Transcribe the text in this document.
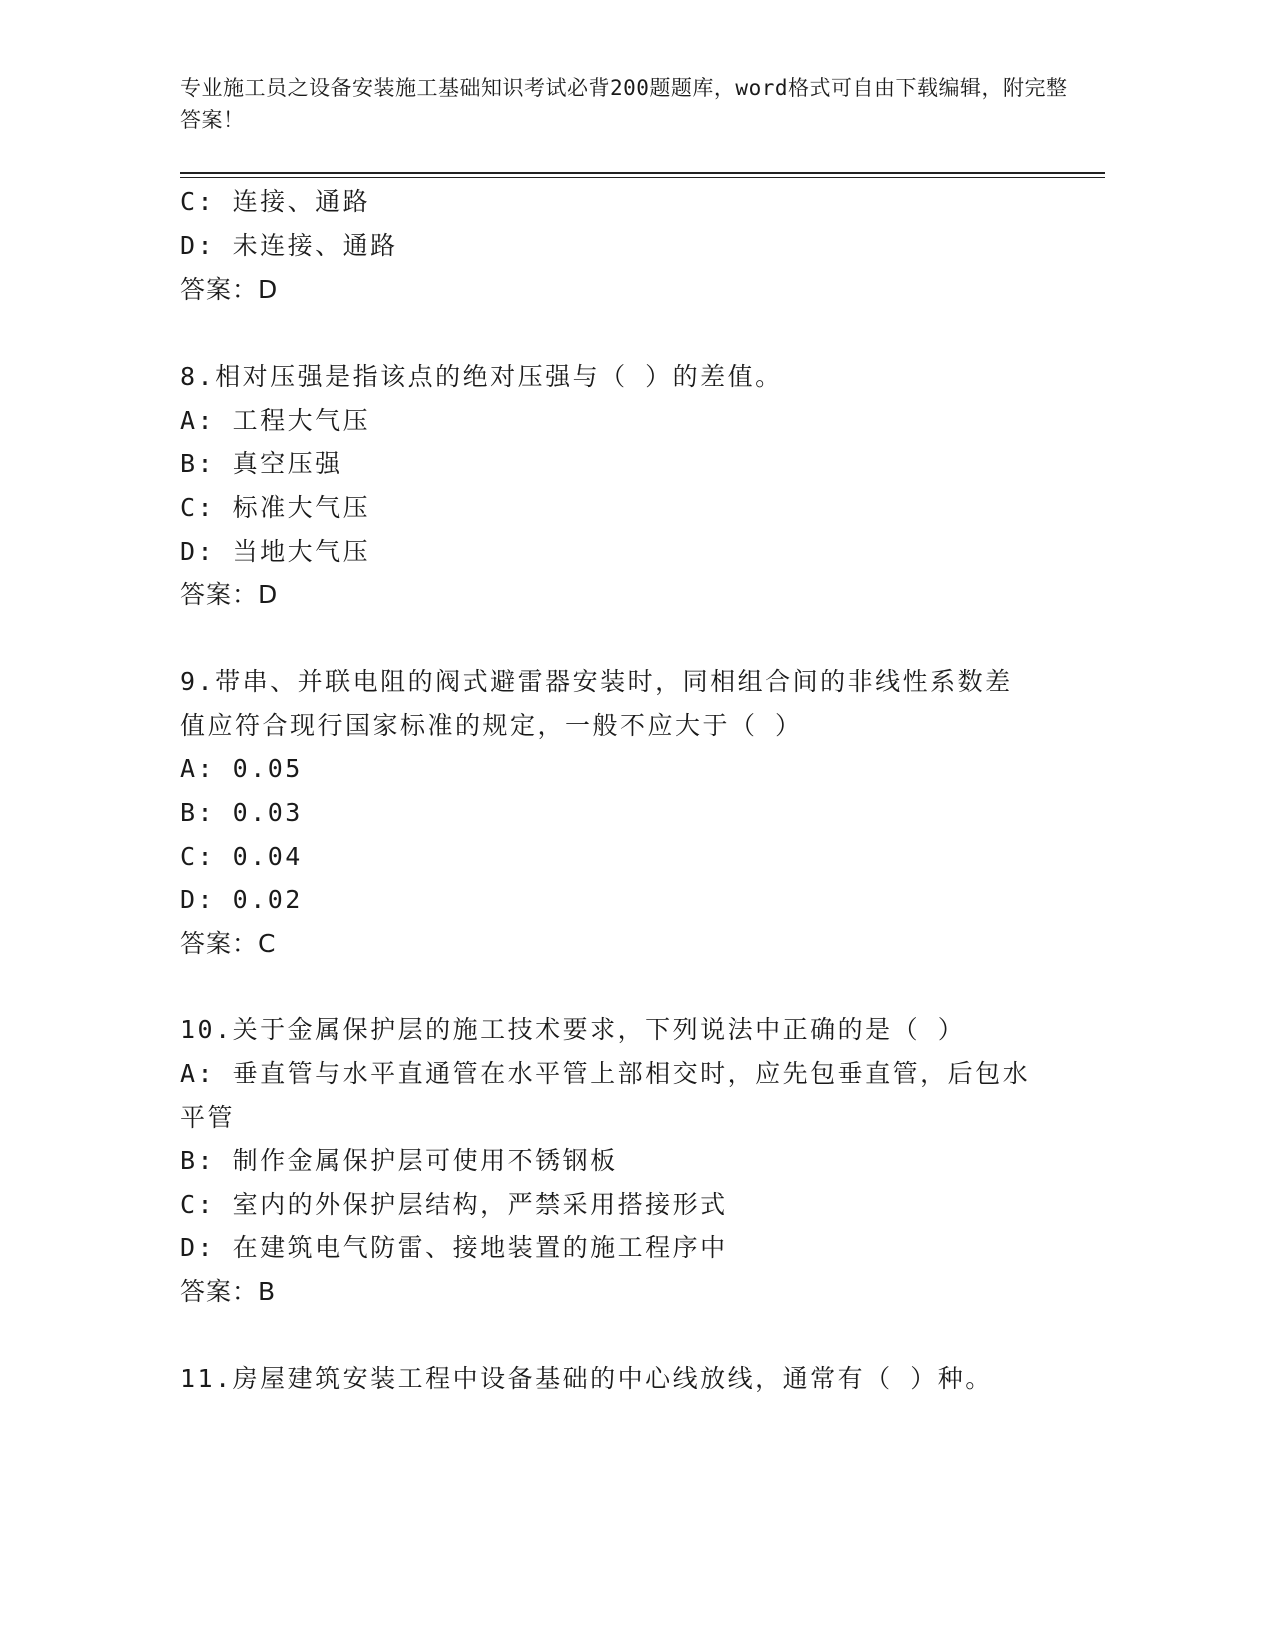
专业施工员之设备安装施工基础知识考试必背200题题库，word格式可自由下载编辑，附完整答案！
C: 连接、通路
D: 未连接、通路
答案：D
8.相对压强是指该点的绝对压强与（ ）的差值。
A: 工程大气压
B: 真空压强
C: 标准大气压
D: 当地大气压
答案：D
9.带串、并联电阻的阀式避雷器安装时，同相组合间的非线性系数差值应符合现行国家标准的规定，一般不应大于（ ）
A: 0.05
B: 0.03
C: 0.04
D: 0.02
答案：C
10.关于金属保护层的施工技术要求，下列说法中正确的是（ ）
A: 垂直管与水平直通管在水平管上部相交时，应先包垂直管，后包水平管
B: 制作金属保护层可使用不锈钢板
C: 室内的外保护层结构，严禁采用搭接形式
D: 在建筑电气防雷、接地装置的施工程序中
答案：B
11.房屋建筑安装工程中设备基础的中心线放线，通常有（ ）种。
